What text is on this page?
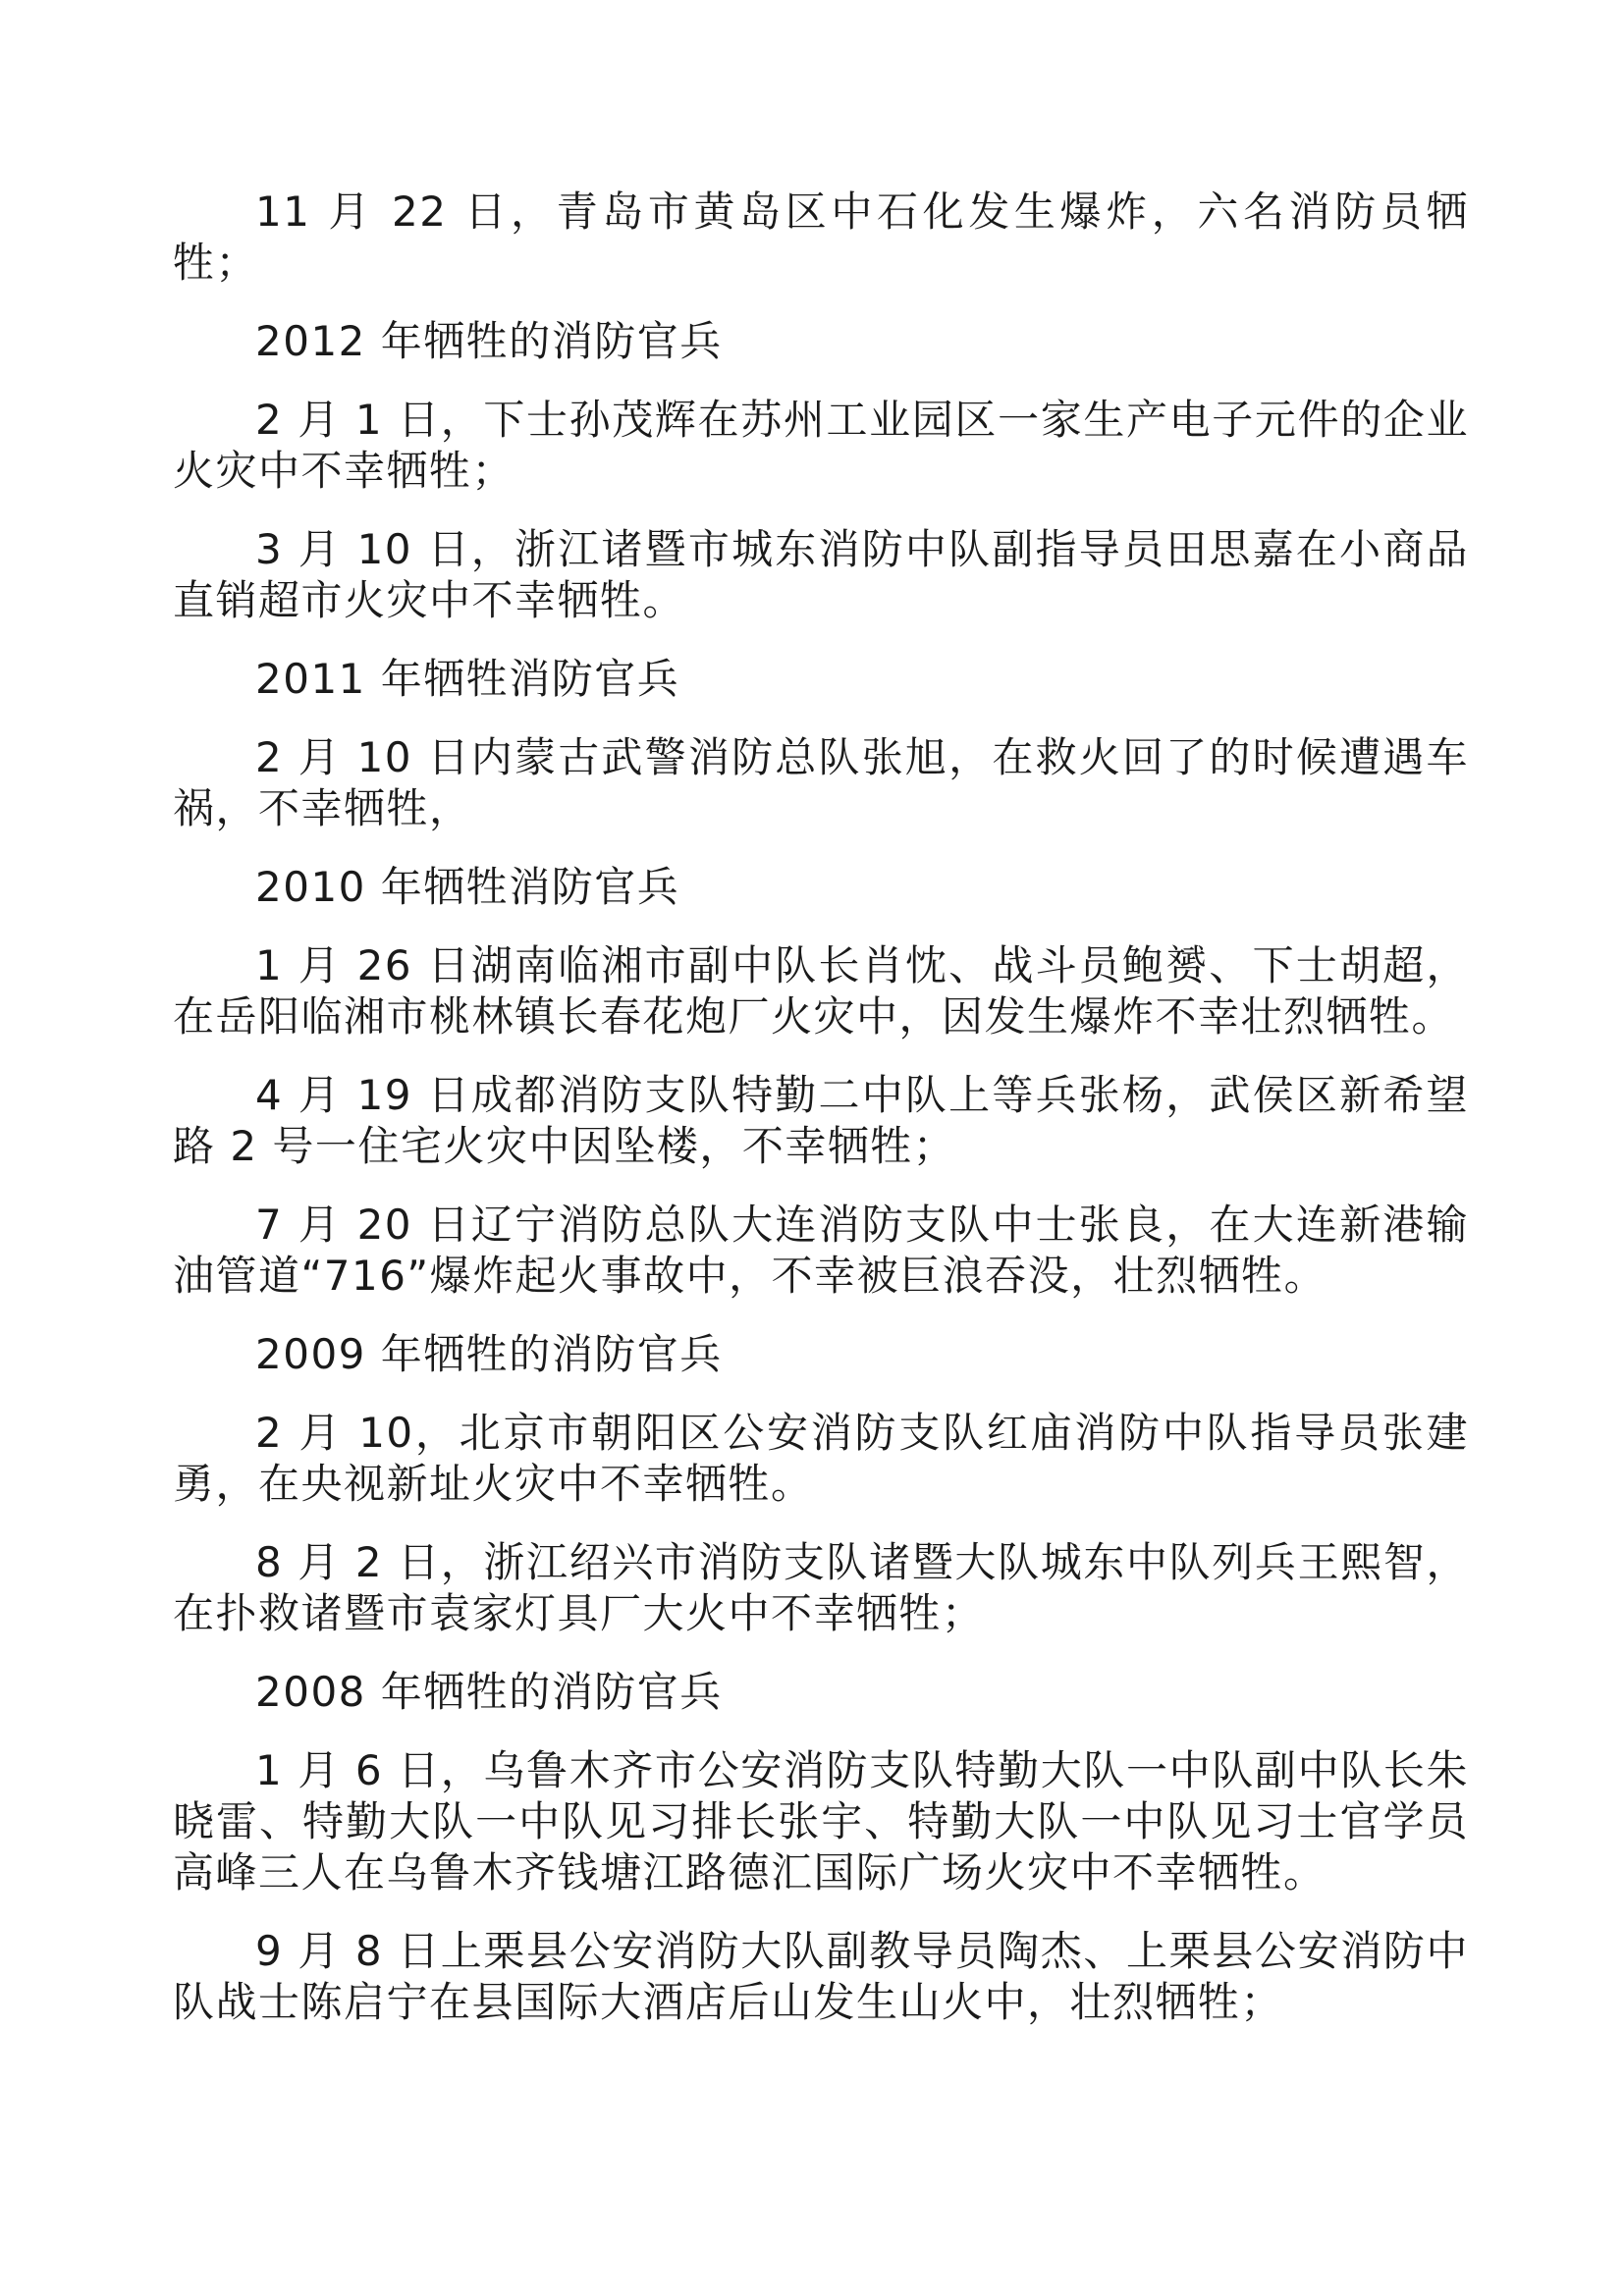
11 月 22 日，青岛市黄岛区中石化发生爆炸，六名消防员牺牲；

2012 年牺牲的消防官兵

2 月 1 日，下士孙茂辉在苏州工业园区一家生产电子元件的企业火灾中不幸牺牲；

3 月 10 日，浙江诸暨市城东消防中队副指导员田思嘉在小商品直销超市火灾中不幸牺牲。

2011 年牺牲消防官兵

2 月 10 日内蒙古武警消防总队张旭，在救火回了的时候遭遇车祸，不幸牺牲，

2010 年牺牲消防官兵

1 月 26 日湖南临湘市副中队长肖忱、战斗员鲍赟、下士胡超，在岳阳临湘市桃林镇长春花炮厂火灾中，因发生爆炸不幸壮烈牺牲。

4 月 19 日成都消防支队特勤二中队上等兵张杨，武侯区新希望路 2 号一住宅火灾中因坠楼，不幸牺牲；

7 月 20 日辽宁消防总队大连消防支队中士张良，在大连新港输油管道“716”爆炸起火事故中，不幸被巨浪吞没，壮烈牺牲。

2009 年牺牲的消防官兵

2 月 10，北京市朝阳区公安消防支队红庙消防中队指导员张建勇，在央视新址火灾中不幸牺牲。

8 月 2 日，浙江绍兴市消防支队诸暨大队城东中队列兵王熙智，在扑救诸暨市袁家灯具厂大火中不幸牺牲；

2008 年牺牲的消防官兵

1 月 6 日，乌鲁木齐市公安消防支队特勤大队一中队副中队长朱晓雷、特勤大队一中队见习排长张宇、特勤大队一中队见习士官学员高峰三人在乌鲁木齐钱塘江路德汇国际广场火灾中不幸牺牲。

9 月 8 日上栗县公安消防大队副教导员陶杰、上栗县公安消防中队战士陈启宁在县国际大酒店后山发生山火中，壮烈牺牲；
